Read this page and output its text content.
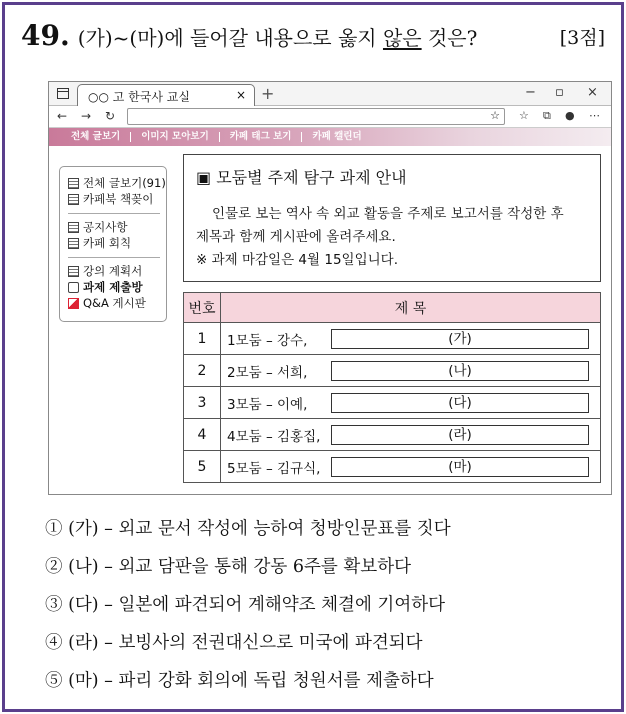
49. (가)~(마)에 들어갈 내용으로 옳지 않은 것은?	[3점]
○○ 고 한국사 교실	× +	− ▫ ×
← → ↻	☆ ☆ ⧉ ● ⋯
전체 글보기	이미지 모아보기	카페 태그 보기	카페 캘린더
전체 글보기(91)
카페북 책꽂이
공지사항
카페 회칙
강의 계획서
과제 제출방
Q&A 게시판
▣ 모둠별 주제 탐구 과제 안내
인물로 보는 역사 속 외교 활동을 주제로 보고서를 작성한 후
제목과 함께 게시판에 올려주세요.
※ 과제 마감일은 4월 15일입니다.
번호	제 목
1	1모둠 – 강수, (가)

2	2모둠 – 서희, (나)

3	3모둠 – 이예, (다)

4	4모둠 – 김홍집, (라)

5	5모둠 – 김규식, (마)
① (가) – 외교 문서 작성에 능하여 청방인문표를 짓다
② (나) – 외교 담판을 통해 강동 6주를 확보하다
③ (다) – 일본에 파견되어 계해약조 체결에 기여하다
④ (라) – 보빙사의 전권대신으로 미국에 파견되다
⑤ (마) – 파리 강화 회의에 독립 청원서를 제출하다
